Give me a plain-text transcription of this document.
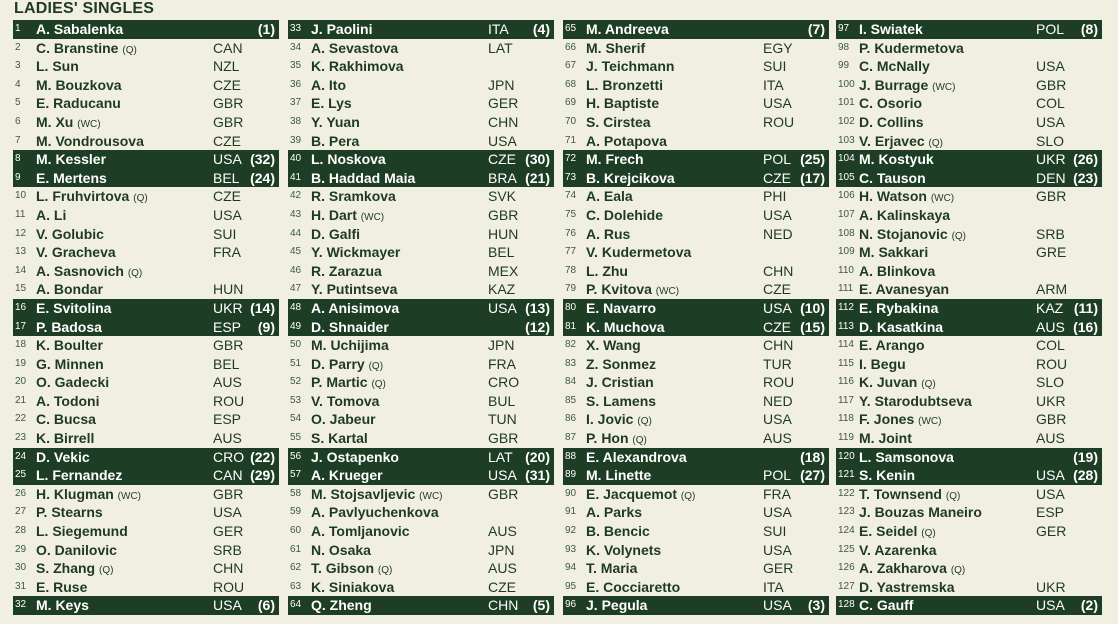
LADIES' SINGLES
1 A. Sabalenka	(1)
2 C. Branstine (Q)	CAN
3 L. Sun	NZL
4 M. Bouzkova	CZE
5 E. Raducanu	GBR
6 M. Xu (WC)	GBR
7 M. Vondrousova	CZE
8 M. Kessler	USA (32)
9 E. Mertens	BEL (24)
10 L. Fruhvirtova (Q)	CZE
11 A. Li	USA
12 V. Golubic	SUI
13 V. Gracheva	FRA
14 A. Sasnovich (Q)
15 A. Bondar	HUN
16 E. Svitolina	UKR (14)
17 P. Badosa	ESP (9)
18 K. Boulter	GBR
19 G. Minnen	BEL
20 O. Gadecki	AUS
21 A. Todoni	ROU
22 C. Bucsa	ESP
23 K. Birrell	AUS
24 D. Vekic	CRO (22)
25 L. Fernandez	CAN (29)
26 H. Klugman (WC)	GBR
27 P. Stearns	USA
28 L. Siegemund	GER
29 O. Danilovic	SRB
30 S. Zhang (Q)	CHN
31 E. Ruse	ROU
32 M. Keys	USA (6)
33 J. Paolini	ITA (4)
34 A. Sevastova	LAT
35 K. Rakhimova
36 A. Ito	JPN
37 E. Lys	GER
38 Y. Yuan	CHN
39 B. Pera	USA
40 L. Noskova	CZE (30)
41 B. Haddad Maia	BRA (21)
42 R. Sramkova	SVK
43 H. Dart (WC)	GBR
44 D. Galfi	HUN
45 Y. Wickmayer	BEL
46 R. Zarazua	MEX
47 Y. Putintseva	KAZ
48 A. Anisimova	USA (13)
49 D. Shnaider	(12)
50 M. Uchijima	JPN
51 D. Parry (Q)	FRA
52 P. Martic (Q)	CRO
53 V. Tomova	BUL
54 O. Jabeur	TUN
55 S. Kartal	GBR
56 J. Ostapenko	LAT (20)
57 A. Krueger	USA (31)
58 M. Stojsavljevic (WC)	GBR
59 A. Pavlyuchenkova
60 A. Tomljanovic	AUS
61 N. Osaka	JPN
62 T. Gibson (Q)	AUS
63 K. Siniakova	CZE
64 Q. Zheng	CHN (5)
65 M. Andreeva	(7)
66 M. Sherif	EGY
67 J. Teichmann	SUI
68 L. Bronzetti	ITA
69 H. Baptiste	USA
70 S. Cirstea	ROU
71 A. Potapova
72 M. Frech	POL (25)
73 B. Krejcikova	CZE (17)
74 A. Eala	PHI
75 C. Dolehide	USA
76 A. Rus	NED
77 V. Kudermetova
78 L. Zhu	CHN
79 P. Kvitova (WC)	CZE
80 E. Navarro	USA (10)
81 K. Muchova	CZE (15)
82 X. Wang	CHN
83 Z. Sonmez	TUR
84 J. Cristian	ROU
85 S. Lamens	NED
86 I. Jovic (Q)	USA
87 P. Hon (Q)	AUS
88 E. Alexandrova	(18)
89 M. Linette	POL (27)
90 E. Jacquemot (Q)	FRA
91 A. Parks	USA
92 B. Bencic	SUI
93 K. Volynets	USA
94 T. Maria	GER
95 E. Cocciaretto	ITA
96 J. Pegula	USA (3)
97 I. Swiatek	POL (8)
98 P. Kudermetova
99 C. McNally	USA
100 J. Burrage (WC)	GBR
101 C. Osorio	COL
102 D. Collins	USA
103 V. Erjavec (Q)	SLO
104 M. Kostyuk	UKR (26)
105 C. Tauson	DEN (23)
106 H. Watson (WC)	GBR
107 A. Kalinskaya
108 N. Stojanovic (Q)	SRB
109 M. Sakkari	GRE
110 A. Blinkova
111 E. Avanesyan	ARM
112 E. Rybakina	KAZ (11)
113 D. Kasatkina	AUS (16)
114 E. Arango	COL
115 I. Begu	ROU
116 K. Juvan (Q)	SLO
117 Y. Starodubtseva	UKR
118 F. Jones (WC)	GBR
119 M. Joint	AUS
120 L. Samsonova	(19)
121 S. Kenin	USA (28)
122 T. Townsend (Q)	USA
123 J. Bouzas Maneiro	ESP
124 E. Seidel (Q)	GER
125 V. Azarenka
126 A. Zakharova (Q)
127 D. Yastremska	UKR
128 C. Gauff	USA (2)
